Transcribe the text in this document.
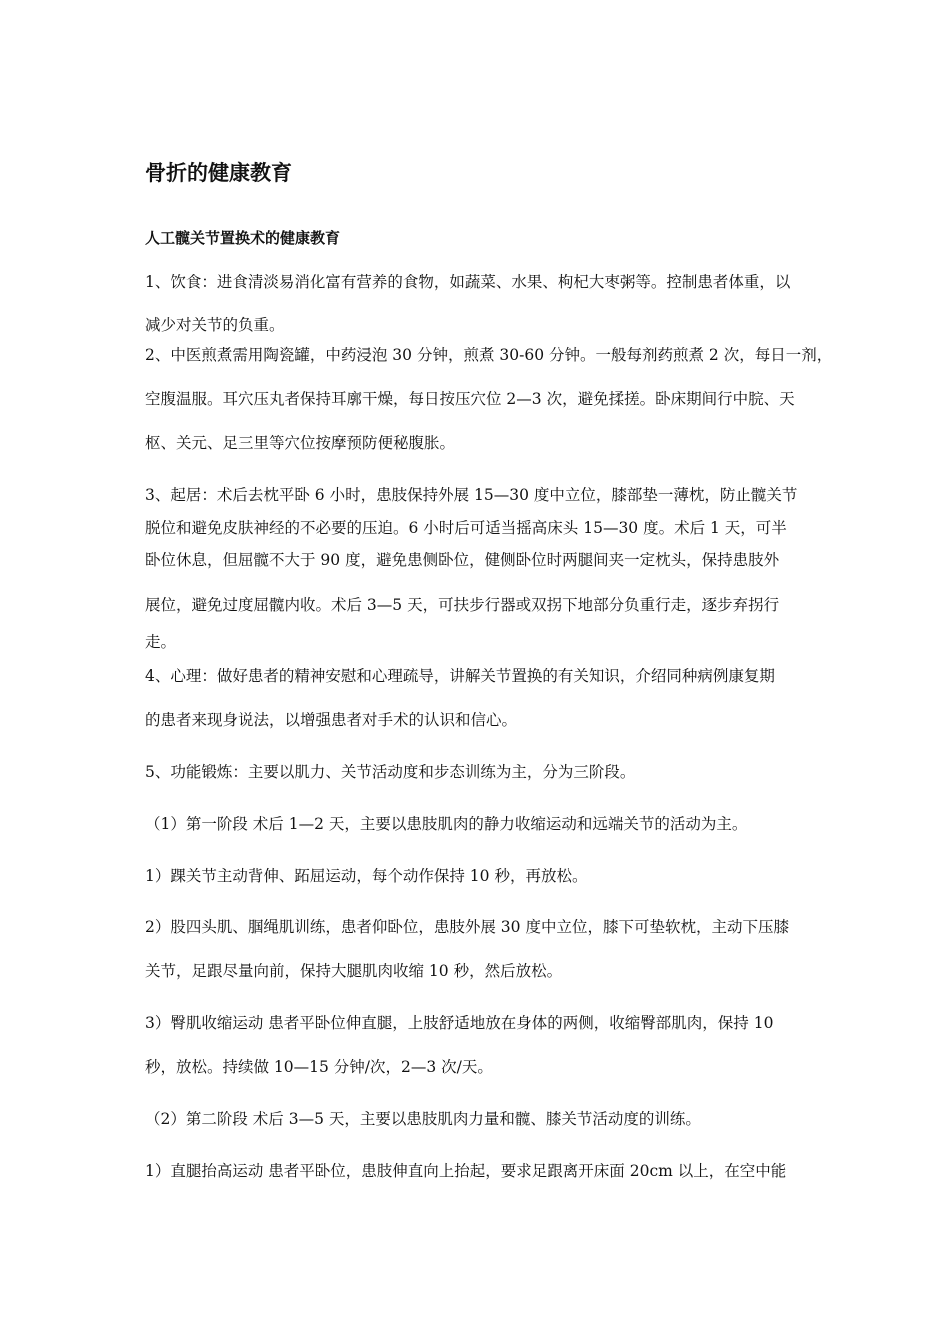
骨折的健康教育
人工髋关节置换术的健康教育

1、饮食：进食清淡易消化富有营养的食物，如蔬菜、水果、枸杞大枣粥等。控制患者体重，以

减少对关节的负重。

2、中医煎煮需用陶瓷罐，中药浸泡 30 分钟，煎煮 30-60 分钟。一般每剂药煎煮 2 次，每日一剂，

空腹温服。耳穴压丸者保持耳廓干燥，每日按压穴位 2—3 次，避免揉搓。卧床期间行中脘、天

枢、关元、足三里等穴位按摩预防便秘腹胀。

3、起居：术后去枕平卧 6 小时，患肢保持外展 15—30 度中立位，膝部垫一薄枕，防止髋关节

脱位和避免皮肤神经的不必要的压迫。6 小时后可适当摇高床头 15—30 度。术后 1 天，可半

卧位休息，但屈髋不大于 90 度，避免患侧卧位，健侧卧位时两腿间夹一定枕头，保持患肢外

展位，避免过度屈髋内收。术后 3—5 天，可扶步行器或双拐下地部分负重行走，逐步弃拐行

走。

4、心理：做好患者的精神安慰和心理疏导，讲解关节置换的有关知识，介绍同种病例康复期

的患者来现身说法，以增强患者对手术的认识和信心。

5、功能锻炼：主要以肌力、关节活动度和步态训练为主，分为三阶段。

（1）第一阶段 术后 1—2 天，主要以患肢肌肉的静力收缩运动和远端关节的活动为主。

1）踝关节主动背伸、跖屈运动，每个动作保持 10 秒，再放松。

2）股四头肌、腘绳肌训练，患者仰卧位，患肢外展 30 度中立位，膝下可垫软枕，主动下压膝

关节，足跟尽量向前，保持大腿肌肉收缩 10 秒，然后放松。

3）臀肌收缩运动 患者平卧位伸直腿，上肢舒适地放在身体的两侧，收缩臀部肌肉，保持 10

秒，放松。持续做 10—15 分钟/次，2—3 次/天。

（2）第二阶段 术后 3—5 天，主要以患肢肌肉力量和髋、膝关节活动度的训练。

1）直腿抬高运动 患者平卧位，患肢伸直向上抬起，要求足跟离开床面 20cm 以上，在空中能
